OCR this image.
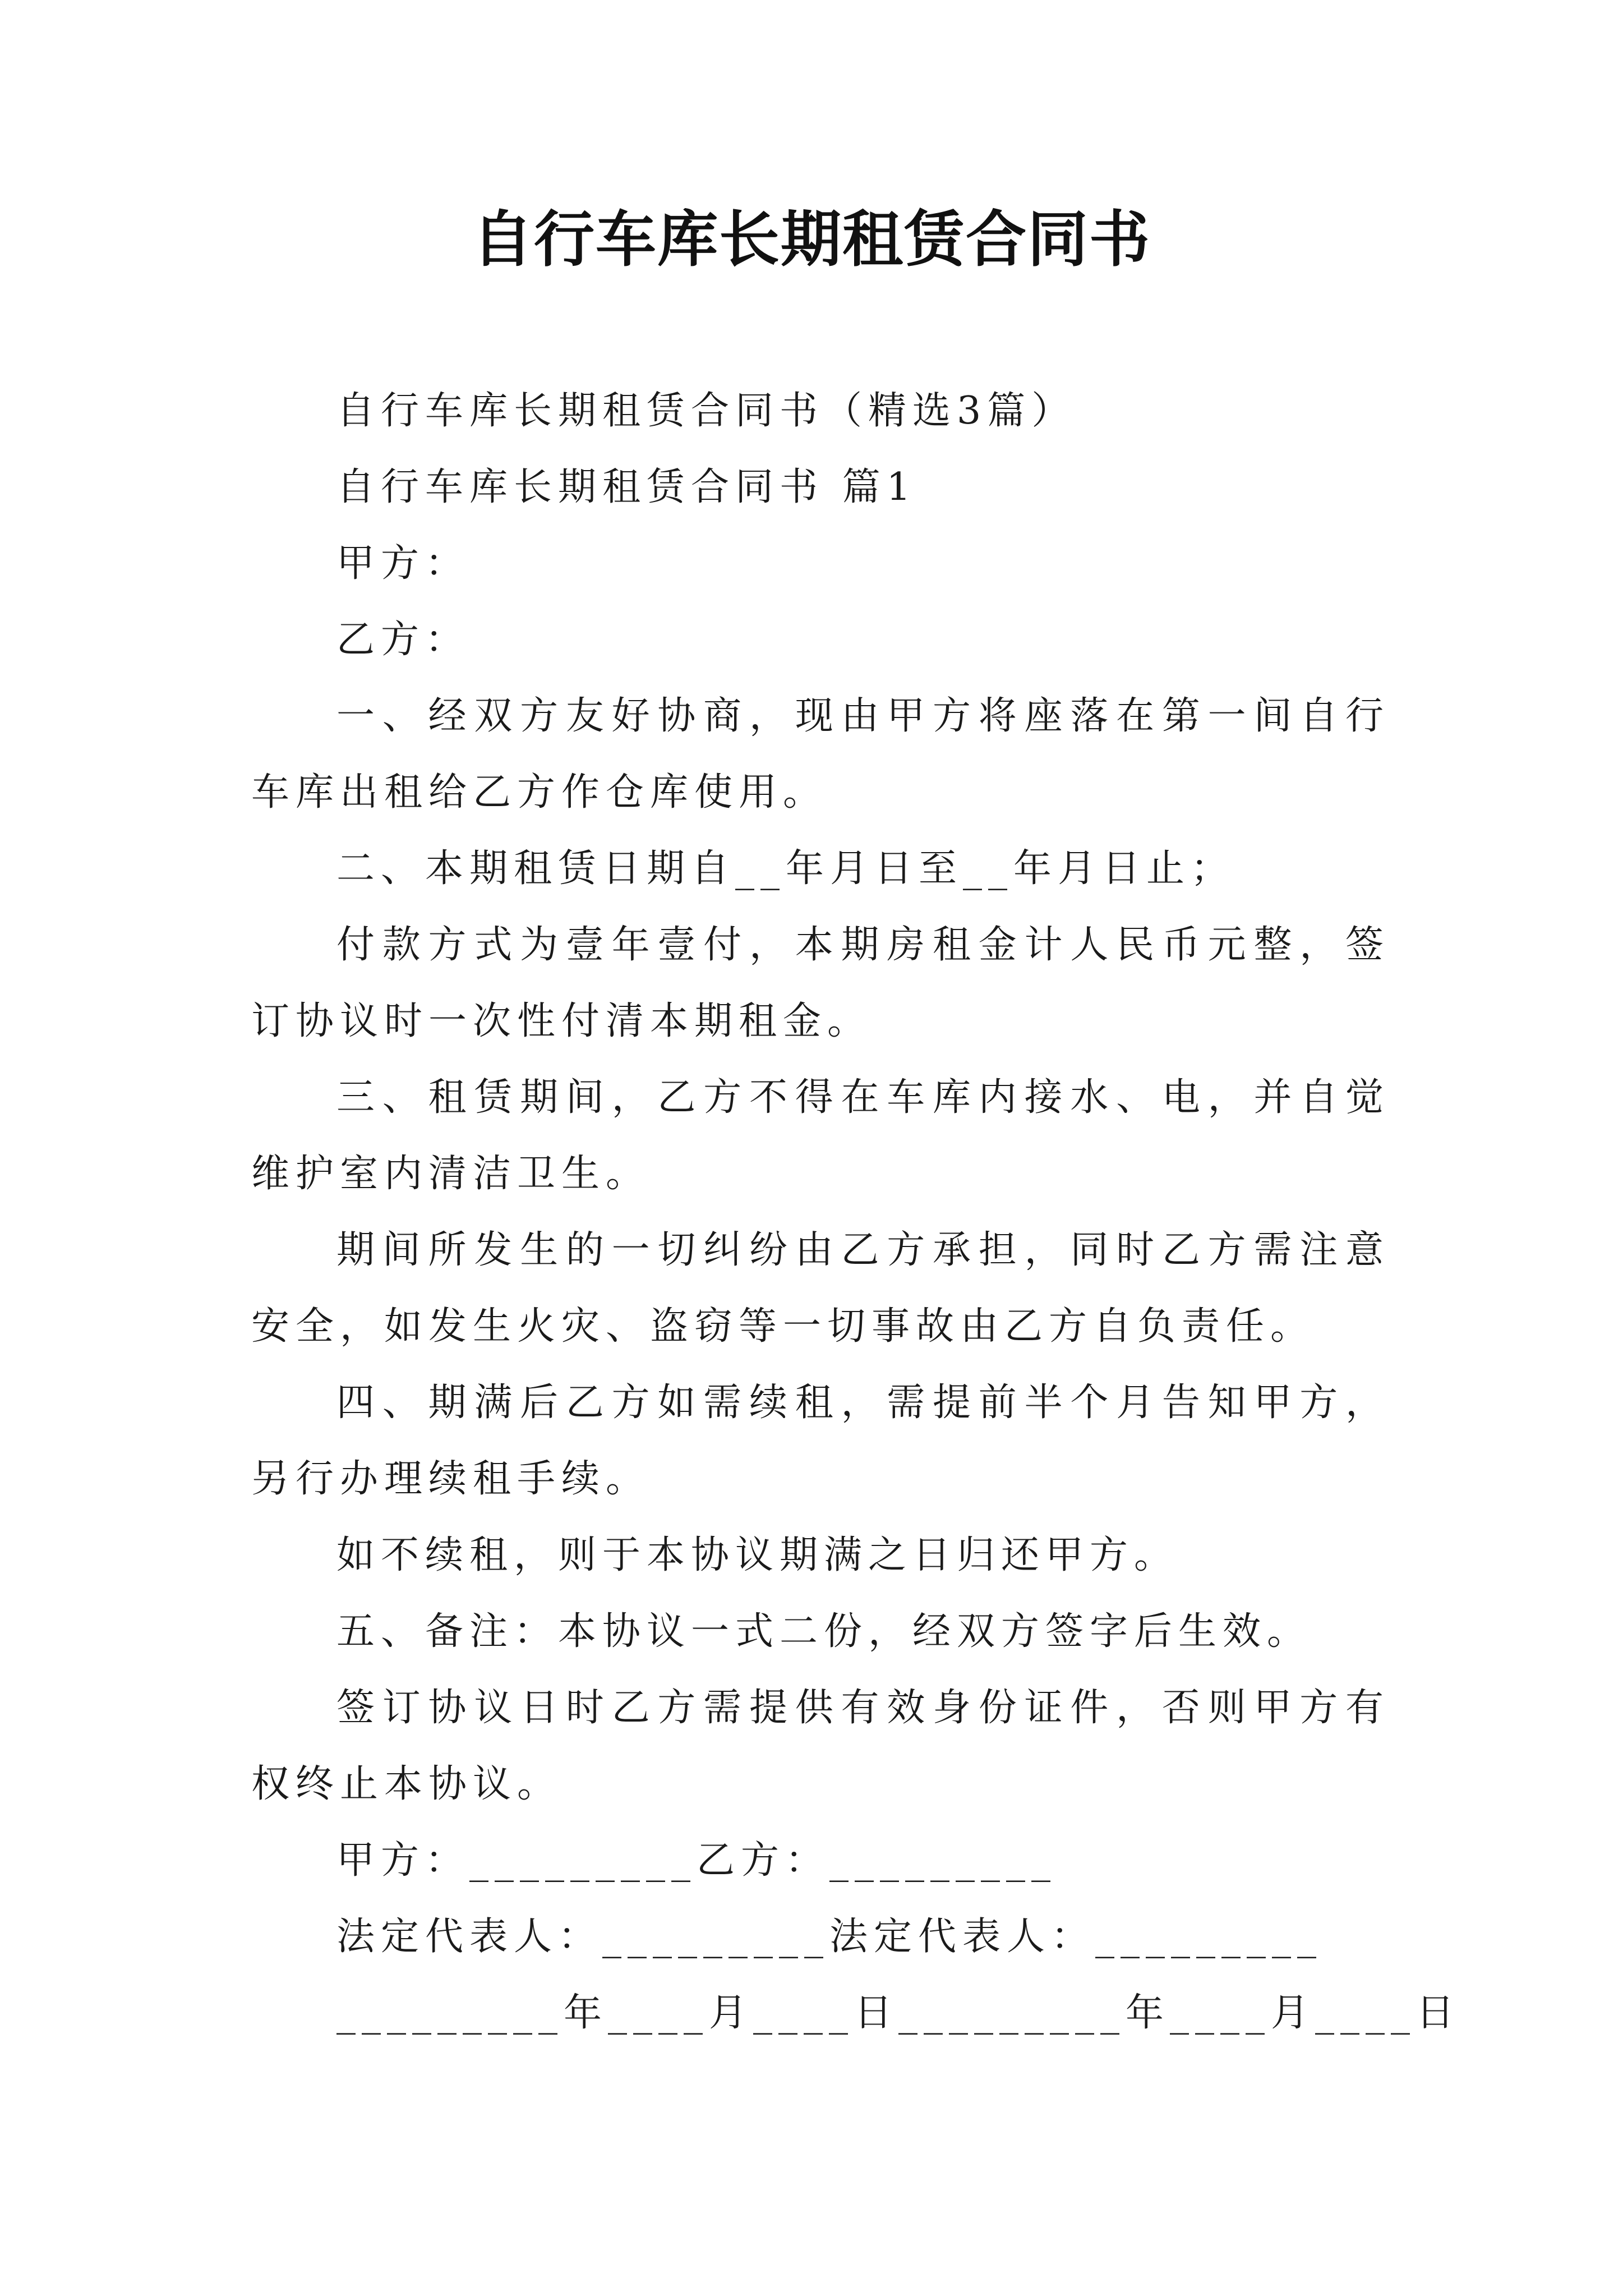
自行车库长期租赁合同书

自行车库长期租赁合同书（精选3篇）

自行车库长期租赁合同书 篇1

甲方：

乙方：

一、经双方友好协商，现由甲方将座落在第一间自行车库出租给乙方作仓库使用。

二、本期租赁日期自__年月日至__年月日止；

付款方式为壹年壹付，本期房租金计人民币元整，签订协议时一次性付清本期租金。

三、租赁期间，乙方不得在车库内接水、电，并自觉维护室内清洁卫生。

期间所发生的一切纠纷由乙方承担，同时乙方需注意安全，如发生火灾、盗窃等一切事故由乙方自负责任。

四、期满后乙方如需续租，需提前半个月告知甲方，另行办理续租手续。

如不续租，则于本协议期满之日归还甲方。

五、备注：本协议一式二份，经双方签字后生效。

签订协议日时乙方需提供有效身份证件，否则甲方有权终止本协议。

甲方：_________乙方：_________

法定代表人：_________法定代表人：_________

_________年____月____日_________年____月____日
